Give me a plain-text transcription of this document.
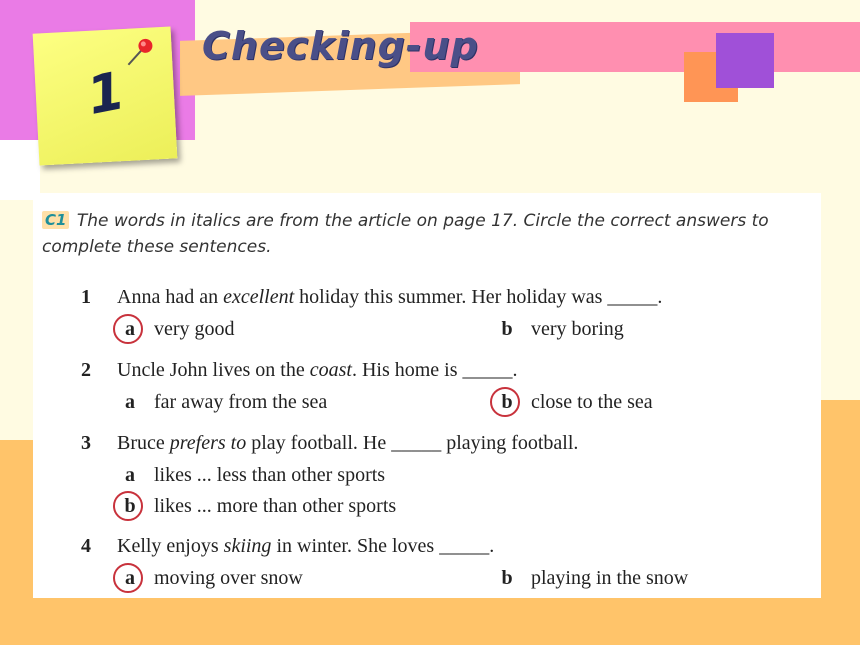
1
Checking-up
C1 The words in italics are from the article on page 17. Circle the correct answers to complete these sentences.
1 Anna had an excellent holiday this summer. Her holiday was _____.
a very good	b very boring
2 Uncle John lives on the coast. His home is _____.
a far away from the sea	b close to the sea
3 Bruce prefers to play football. He _____ playing football.
a likes ... less than other sports
b likes ... more than other sports
4 Kelly enjoys skiing in winter. She loves _____.
a moving over snow	b playing in the snow
